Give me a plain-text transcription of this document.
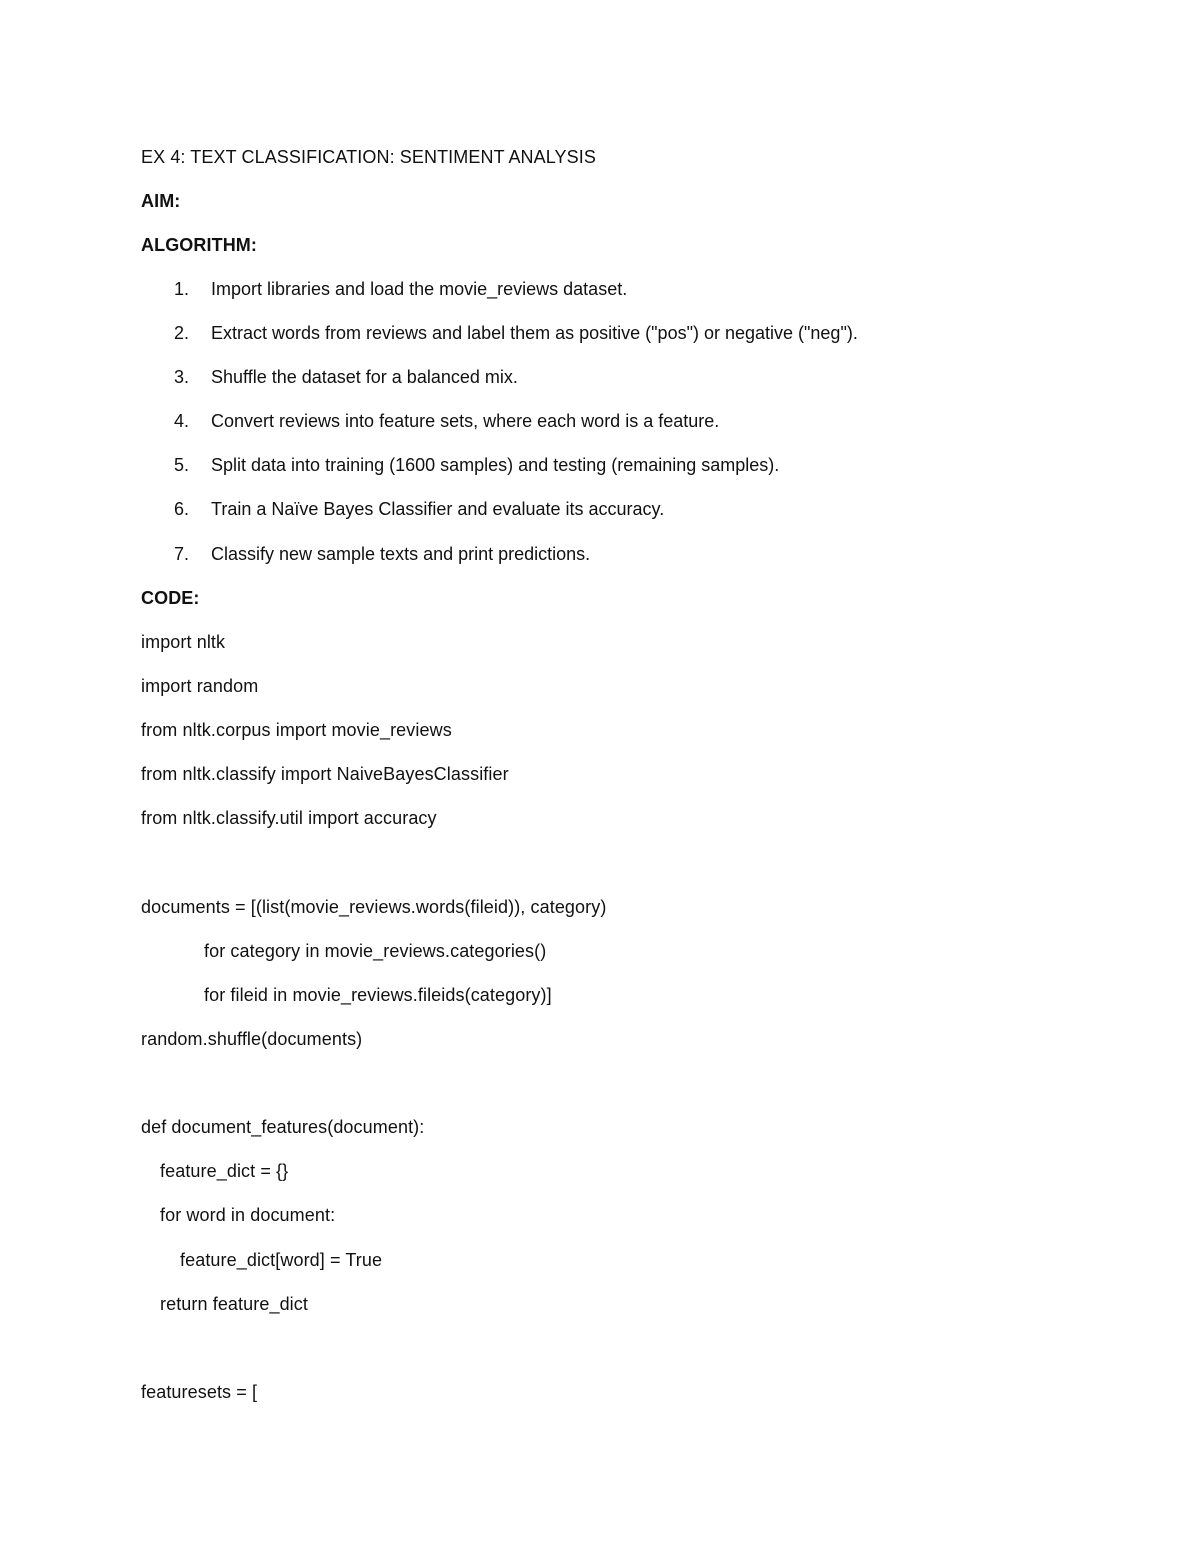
EX 4: TEXT CLASSIFICATION: SENTIMENT ANALYSIS
AIM:
ALGORITHM:
1. Import libraries and load the movie_reviews dataset.
2. Extract words from reviews and label them as positive ("pos") or negative ("neg").
3. Shuffle the dataset for a balanced mix.
4. Convert reviews into feature sets, where each word is a feature.
5. Split data into training (1600 samples) and testing (remaining samples).
6. Train a Naïve Bayes Classifier and evaluate its accuracy.
7. Classify new sample texts and print predictions.
CODE:
import nltk
import random
from nltk.corpus import movie_reviews
from nltk.classify import NaiveBayesClassifier
from nltk.classify.util import accuracy
documents = [(list(movie_reviews.words(fileid)), category)
for category in movie_reviews.categories()
for fileid in movie_reviews.fileids(category)]
random.shuffle(documents)
def document_features(document):
feature_dict = {}
for word in document:
feature_dict[word] = True
return feature_dict
featuresets = [
